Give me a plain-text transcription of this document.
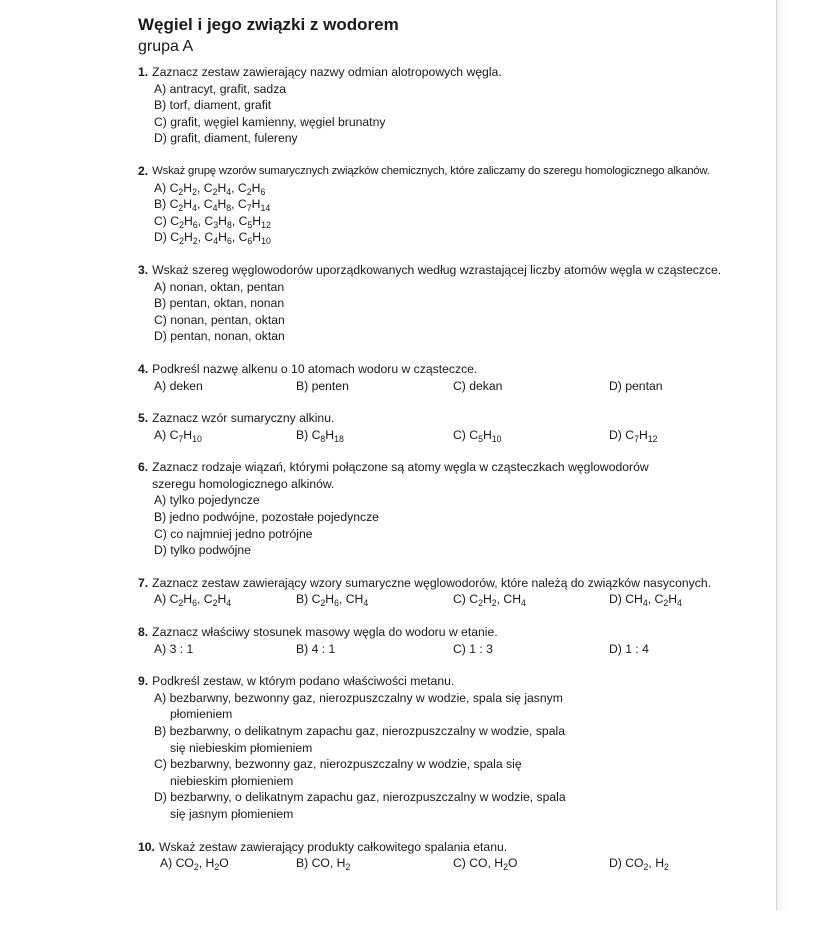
Węgiel i jego związki z wodorem
grupa A
1. Zaznacz zestaw zawierający nazwy odmian alotropowych węgla.
A) antracyt, grafit, sadza
B) torf, diament, grafit
C) grafit, węgiel kamienny, węgiel brunatny
D) grafit, diament, fulereny
2. Wskaż grupę wzorów sumarycznych związków chemicznych, które zaliczamy do szeregu homologicznego alkanów.
A) $C_2H_2$, $C_2H_4$, $C_2H_6$
B) $C_2H_4$, $C_4H_8$, $C_7H_{14}$
C) $C_2H_6$, $C_3H_8$, $C_5H_{12}$
D) $C_2H_2$, $C_4H_6$, $C_6H_{10}$
3. Wskaż szereg węglowodorów uporządkowanych według wzrastającej liczby atomów węgla w cząsteczce.
A) nonan, oktan, pentan
B) pentan, oktan, nonan
C) nonan, pentan, oktan
D) pentan, nonan, oktan
4. Podkreśl nazwę alkenu o 10 atomach wodoru w cząsteczce.
A) deken	B) penten	C) dekan	D) pentan
5. Zaznacz wzór sumaryczny alkinu.
A) $C_7H_{10}$	B) $C_8H_{18}$	C) $C_5H_{10}$	D) $C_7H_{12}$
6. Zaznacz rodzaje wiązań, którymi połączone są atomy węgla w cząsteczkach węglowodorów
szeregu homologicznego alkinów.
A) tylko pojedyncze
B) jedno podwójne, pozostałe pojedyncze
C) co najmniej jedno potrójne
D) tylko podwójne
7. Zaznacz zestaw zawierający wzory sumaryczne węglowodorów, które należą do związków nasyconych.
A) $C_2H_6$, $C_2H_4$	B) $C_2H_6$, $CH_4$	C) $C_2H_2$, $CH_4$	D) $CH_4$, $C_2H_4$
8. Zaznacz właściwy stosunek masowy węgla do wodoru w etanie.
A) 3 : 1	B) 4 : 1	C) 1 : 3	D) 1 : 4
9. Podkreśl zestaw, w którym podano właściwości metanu.
A) bezbarwny, bezwonny gaz, nierozpuszczalny w wodzie, spala się jasnym płomieniem
B) bezbarwny, o delikatnym zapachu gaz, nierozpuszczalny w wodzie, spala się niebieskim płomieniem
C) bezbarwny, bezwonny gaz, nierozpuszczalny w wodzie, spala się niebieskim płomieniem
D) bezbarwny, o delikatnym zapachu gaz, nierozpuszczalny w wodzie, spala się jasnym płomieniem
10. Wskaż zestaw zawierający produkty całkowitego spalania etanu.
A) $CO_2$, $H_2O$	B) CO, $H_2$	C) CO, $H_2O$	D) $CO_2$, $H_2$
